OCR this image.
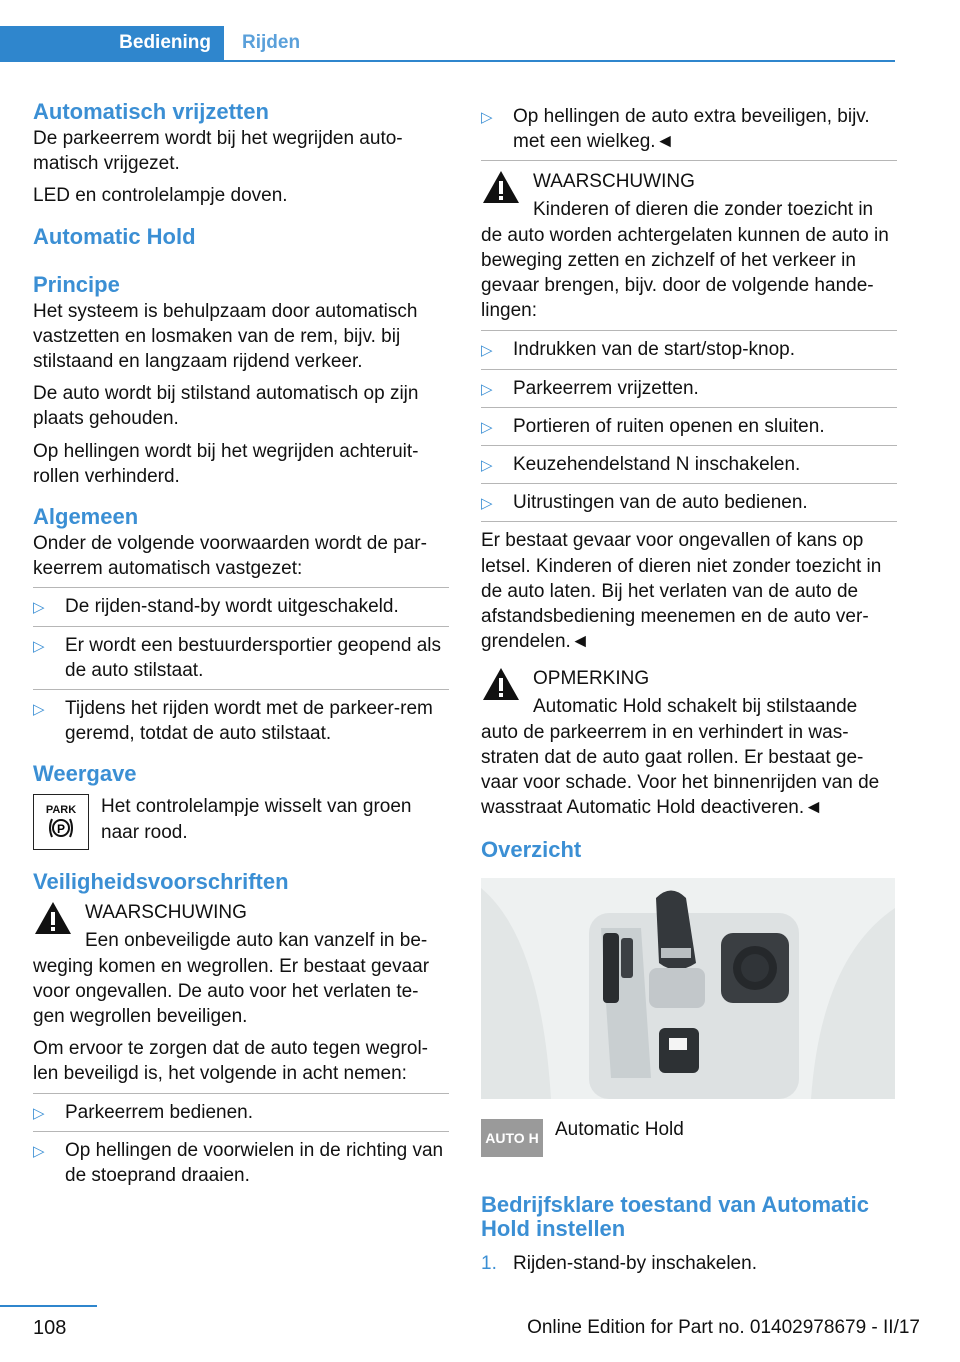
Bediening	Rijden
Automatisch vrijzetten

De parkeerrem wordt bij het wegrijden auto-matisch vrijgezet.

LED en controlelampje doven.

Automatic Hold
Principe

Het systeem is behulpzaam door automatisch vastzetten en losmaken van de rem, bijv. bij stilstaand en langzaam rijdend verkeer.

De auto wordt bij stilstand automatisch op zijn plaats gehouden.

Op hellingen wordt bij het wegrijden achteruit-rollen verhinderd.

Algemeen

Onder de volgende voorwaarden wordt de par-keerrem automatisch vastgezet:

▷ De rijden-stand-by wordt uitgeschakeld.
▷ Er wordt een bestuurdersportier geopend als de auto stilstaat.
▷ Tijdens het rijden wordt met de parkeer-rem geremd, totdat de auto stilstaat.
Weergave
PARK
P
Het controlelampje wisselt van groen naar rood.
Veiligheidsvoorschriften
WAARSCHUWING

Een onbeveiligde auto kan vanzelf in be-weging komen en wegrollen. Er bestaat gevaar voor ongevallen. De auto voor het verlaten te-gen wegrollen beveiligen.

Om ervoor te zorgen dat de auto tegen wegrol-len beveiligd is, het volgende in acht nemen:

▷ Parkeerrem bedienen.
▷ Op hellingen de voorwielen in de richting van de stoeprand draaien.
▷ Op hellingen de auto extra beveiligen, bijv. met een wielkeg.◄
WAARSCHUWING

Kinderen of dieren die zonder toezicht in de auto worden achtergelaten kunnen de auto in beweging zetten en zichzelf of het verkeer in gevaar brengen, bijv. door de volgende hande-lingen:

▷ Indrukken van de start/stop-knop.
▷ Parkeerrem vrijzetten.
▷ Portieren of ruiten openen en sluiten.
▷ Keuzehendelstand N inschakelen.
▷ Uitrustingen van de auto bedienen.

Er bestaat gevaar voor ongevallen of kans op letsel. Kinderen of dieren niet zonder toezicht in de auto laten. Bij het verlaten van de auto de afstandsbediening meenemen en de auto ver-grendelen.◄

OPMERKING

Automatic Hold schakelt bij stilstaande auto de parkeerrem in en verhindert in was-straten dat de auto gaat rollen. Er bestaat ge-vaar voor schade. Voor het binnenrijden van de wasstraat Automatic Hold deactiveren.◄

Overzicht
AUTO H Automatic Hold
Bedrijfsklare toestand van Automatic Hold instellen
1. Rijden-stand-by inschakelen.
108	Online Edition for Part no. 01402978679 - II/17
